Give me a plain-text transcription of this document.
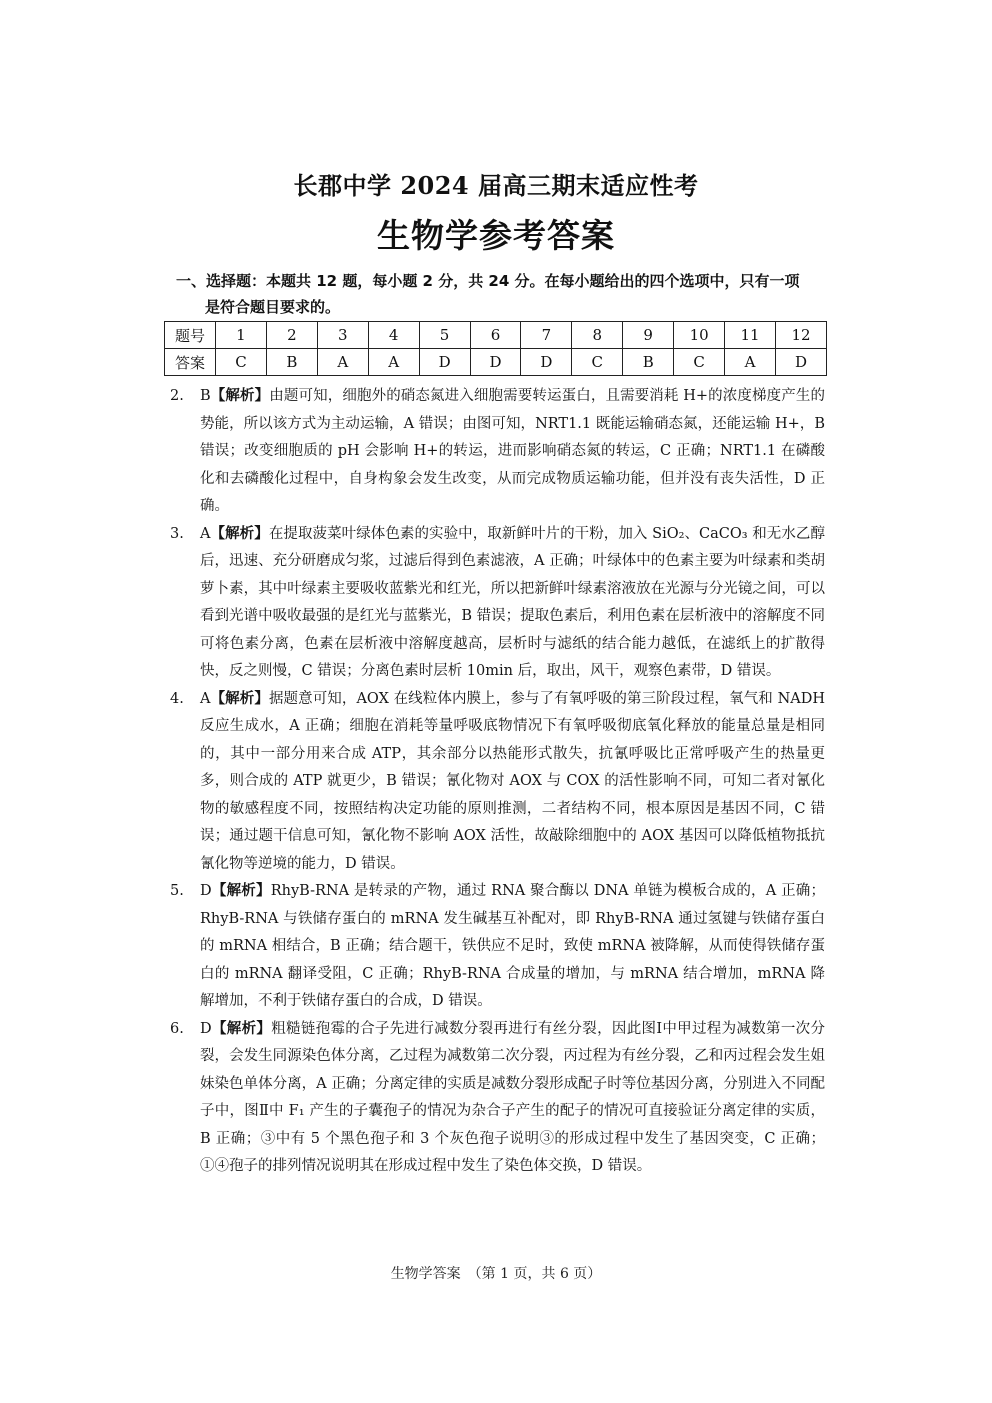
长郡中学 2024 届高三期末适应性考
生物学参考答案
一、选择题：本题共 12 题，每小题 2 分，共 24 分。在每小题给出的四个选项中，只有一项
是符合题目要求的。
题号	1	2	3	4	5	6	7	8	9	10	11	12
答案	C	B	A	A	D	D	D	C	B	C	A	D
2. B【解析】由题可知，细胞外的硝态氮进入细胞需要转运蛋白，且需要消耗 H+的浓度梯度产生的势能，所以该方式为主动运输，A 错误；由图可知，NRT1.1 既能运输硝态氮，还能运输 H+，B 错误；改变细胞质的 pH 会影响 H+的转运，进而影响硝态氮的转运，C 正确；NRT1.1 在磷酸化和去磷酸化过程中，自身构象会发生改变，从而完成物质运输功能，但并没有丧失活性，D 正确。
3. A【解析】在提取菠菜叶绿体色素的实验中，取新鲜叶片的干粉，加入 SiO₂、CaCO₃ 和无水乙醇后，迅速、充分研磨成匀浆，过滤后得到色素滤液，A 正确；叶绿体中的色素主要为叶绿素和类胡萝卜素，其中叶绿素主要吸收蓝紫光和红光，所以把新鲜叶绿素溶液放在光源与分光镜之间，可以看到光谱中吸收最强的是红光与蓝紫光，B 错误；提取色素后，利用色素在层析液中的溶解度不同可将色素分离，色素在层析液中溶解度越高，层析时与滤纸的结合能力越低，在滤纸上的扩散得快，反之则慢，C 错误；分离色素时层析 10min 后，取出，风干，观察色素带，D 错误。
4. A【解析】据题意可知，AOX 在线粒体内膜上，参与了有氧呼吸的第三阶段过程，氧气和 NADH 反应生成水，A 正确；细胞在消耗等量呼吸底物情况下有氧呼吸彻底氧化释放的能量总量是相同的，其中一部分用来合成 ATP，其余部分以热能形式散失，抗氰呼吸比正常呼吸产生的热量更多，则合成的 ATP 就更少，B 错误；氰化物对 AOX 与 COX 的活性影响不同，可知二者对氰化物的敏感程度不同，按照结构决定功能的原则推测，二者结构不同，根本原因是基因不同，C 错误；通过题干信息可知，氰化物不影响 AOX 活性，故敲除细胞中的 AOX 基因可以降低植物抵抗氰化物等逆境的能力，D 错误。
5. D【解析】RhyB-RNA 是转录的产物，通过 RNA 聚合酶以 DNA 单链为模板合成的，A 正确；RhyB-RNA 与铁储存蛋白的 mRNA 发生碱基互补配对，即 RhyB-RNA 通过氢键与铁储存蛋白的 mRNA 相结合，B 正确；结合题干，铁供应不足时，致使 mRNA 被降解，从而使得铁储存蛋白的 mRNA 翻译受阻，C 正确；RhyB-RNA 合成量的增加，与 mRNA 结合增加，mRNA 降解增加，不利于铁储存蛋白的合成，D 错误。
6. D【解析】粗糙链孢霉的合子先进行减数分裂再进行有丝分裂，因此图Ⅰ中甲过程为减数第一次分裂，会发生同源染色体分离，乙过程为减数第二次分裂，丙过程为有丝分裂，乙和丙过程会发生姐妹染色单体分离，A 正确；分离定律的实质是减数分裂形成配子时等位基因分离，分别进入不同配子中，图Ⅱ中 F₁ 产生的子囊孢子的情况为杂合子产生的配子的情况可直接验证分离定律的实质，B 正确；③中有 5 个黑色孢子和 3 个灰色孢子说明③的形成过程中发生了基因突变，C 正确；①④孢子的排列情况说明其在形成过程中发生了染色体交换，D 错误。
生物学答案　（第 1 页，共 6 页）
